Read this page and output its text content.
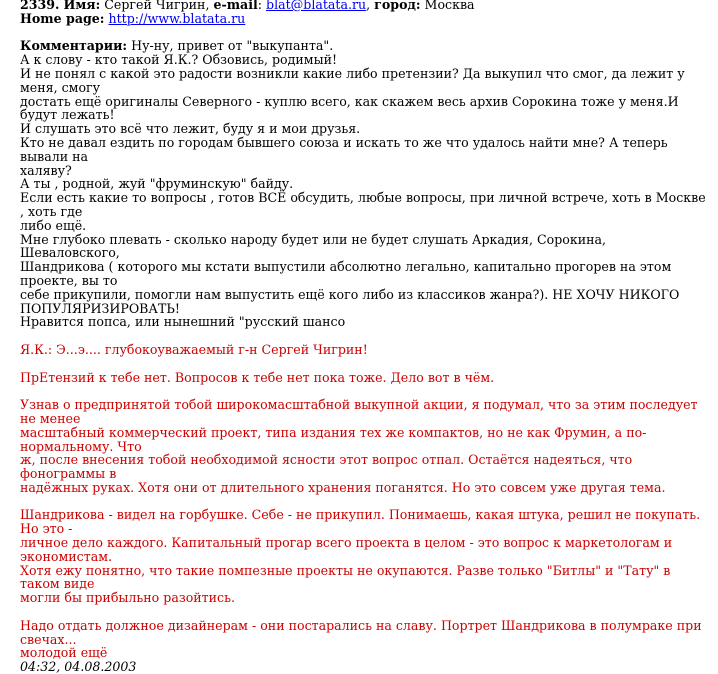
2339. Имя: Сергей Чигрин, e-mail: blat@blatata.ru, город: Москва
Home page: http://www.blatata.ru
Комментарии: Ну-ну, привет от "выкупанта".
А к слову - кто такой Я.К.? Обзовись, родимый!
И не понял с какой это радости возникли какие либо претензии? Да выкупил что смог, да лежит у меня, смогу
достать ещё оригиналы Северного - куплю всего, как скажем весь архив Сорокина тоже у меня.И будут лежать!
И слушать это всё что лежит, буду я и мои друзья.
Кто не давал ездить по городам бывшего союза и искать то же что удалось найти мне? А теперь вывали на
халяву?
А ты , родной, жуй "фруминскую" байду.
Если есть какие то вопросы , готов ВСЁ обсудить, любые вопросы, при личной встрече, хоть в Москве , хоть где
либо ещё.
Мне глубоко плевать - сколько народу будет или не будет слушать Аркадия, Сорокина, Шеваловского,
Шандрикова ( которого мы кстати выпустили абсолютно легально, капитально прогорев на этом проекте, вы то
себе прикупили, помогли нам выпустить ещё кого либо из классиков жанра?). НЕ ХОЧУ НИКОГО
ПОПУЛЯРИЗИРОВАТЬ!
Нравится попса, или нынешний "русский шансо
Я.К.: Э...э.... глубокоуважаемый г-н Сергей Чигрин!
ПрЕтензий к тебе нет. Вопросов к тебе нет пока тоже. Дело вот в чём.
Узнав о предпринятой тобой широкомасштабной выкупной акции, я подумал, что за этим последует не менее
масштабный коммерческий проект, типа издания тех же компактов, но не как Фрумин, а по-нормальному. Что
ж, после внесения тобой необходимой ясности этот вопрос отпал. Остаётся надеяться, что фонограммы в
надёжных руках. Хотя они от длительного хранения поганятся. Но это совсем уже другая тема.
Шандрикова - видел на горбушке. Себе - не прикупил. Понимаешь, какая штука, решил не покупать. Но это -
личное дело каждого. Капитальный прогар всего проекта в целом - это вопрос к маркетологам и экономистам.
Хотя ежу понятно, что такие помпезные проекты не окупаются. Разве только "Битлы" и "Тату" в таком виде
могли бы прибыльно разойтись.
Надо отдать должное дизайнерам - они постарались на славу. Портрет Шандрикова в полумраке при свечах...
молодой ещё
04:32, 04.08.2003
